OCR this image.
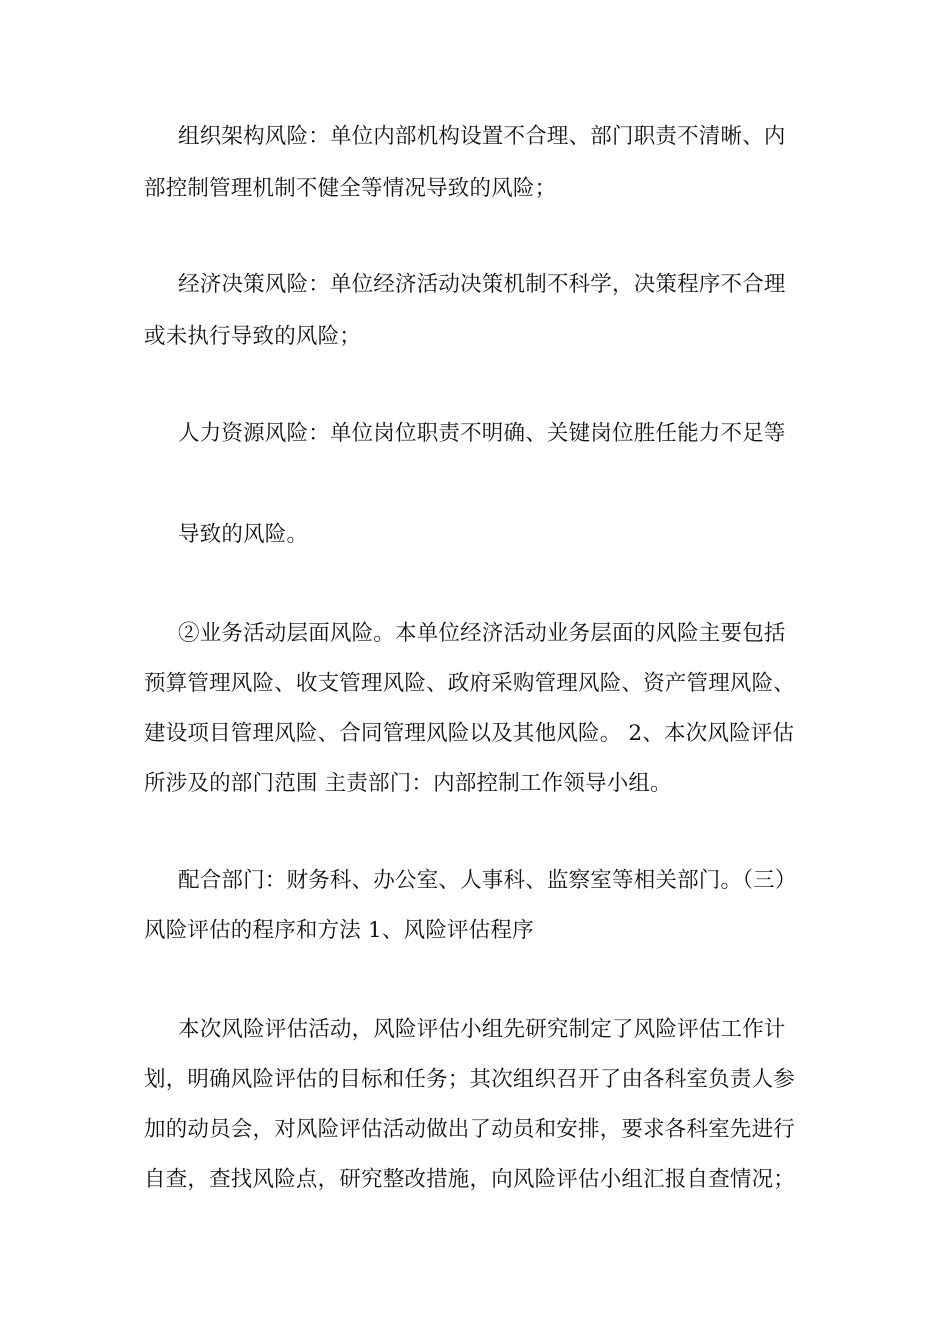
组织架构风险：单位内部机构设置不合理、部门职责不清晰、内
部控制管理机制不健全等情况导致的风险；
经济决策风险：单位经济活动决策机制不科学，决策程序不合理
或未执行导致的风险；
人力资源风险：单位岗位职责不明确、关键岗位胜任能力不足等
导致的风险。
②业务活动层面风险。本单位经济活动业务层面的风险主要包括
预算管理风险、收支管理风险、政府采购管理风险、资产管理风险、
建设项目管理风险、合同管理风险以及其他风险。 2、本次风险评估
所涉及的部门范围 主责部门：内部控制工作领导小组。
配合部门：财务科、办公室、人事科、监察室等相关部门。（三）
风险评估的程序和方法 1、风险评估程序
本次风险评估活动，风险评估小组先研究制定了风险评估工作计
划，明确风险评估的目标和任务；其次组织召开了由各科室负责人参
加的动员会，对风险评估活动做出了动员和安排，要求各科室先进行
自查，查找风险点，研究整改措施，向风险评估小组汇报自查情况；
